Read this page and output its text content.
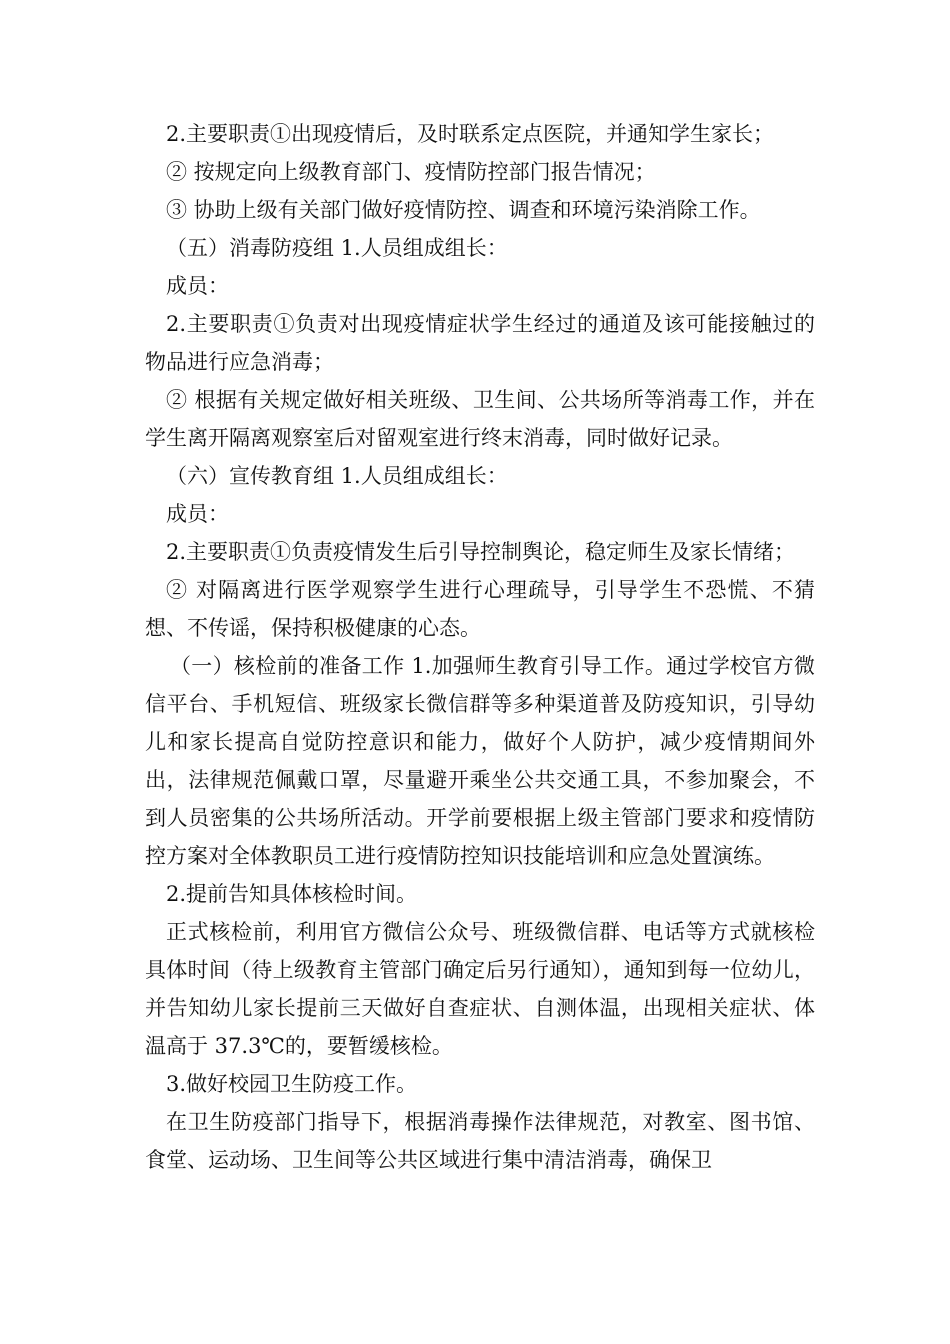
2.主要职责①出现疫情后，及时联系定点医院，并通知学生家长；

② 按规定向上级教育部门、疫情防控部门报告情况；

③ 协助上级有关部门做好疫情防控、调查和环境污染消除工作。

（五）消毒防疫组 1.人员组成组长：

成员：

2.主要职责①负责对出现疫情症状学生经过的通道及该可能接触过的物品进行应急消毒；

② 根据有关规定做好相关班级、卫生间、公共场所等消毒工作，并在学生离开隔离观察室后对留观室进行终末消毒，同时做好记录。

（六）宣传教育组 1.人员组成组长：

成员：

2.主要职责①负责疫情发生后引导控制舆论，稳定师生及家长情绪；

② 对隔离进行医学观察学生进行心理疏导，引导学生不恐慌、不猜想、不传谣，保持积极健康的心态。

（一）核检前的准备工作 1.加强师生教育引导工作。通过学校官方微信平台、手机短信、班级家长微信群等多种渠道普及防疫知识，引导幼儿和家长提高自觉防控意识和能力，做好个人防护，减少疫情期间外出，法律规范佩戴口罩，尽量避开乘坐公共交通工具，不参加聚会，不到人员密集的公共场所活动。开学前要根据上级主管部门要求和疫情防控方案对全体教职员工进行疫情防控知识技能培训和应急处置演练。

2.提前告知具体核检时间。

正式核检前，利用官方微信公众号、班级微信群、电话等方式就核检具体时间（待上级教育主管部门确定后另行通知），通知到每一位幼儿，并告知幼儿家长提前三天做好自查症状、自测体温，出现相关症状、体温高于 37.3℃的，要暂缓核检。

3.做好校园卫生防疫工作。

在卫生防疫部门指导下，根据消毒操作法律规范，对教室、图书馆、食堂、运动场、卫生间等公共区域进行集中清洁消毒，确保卫
